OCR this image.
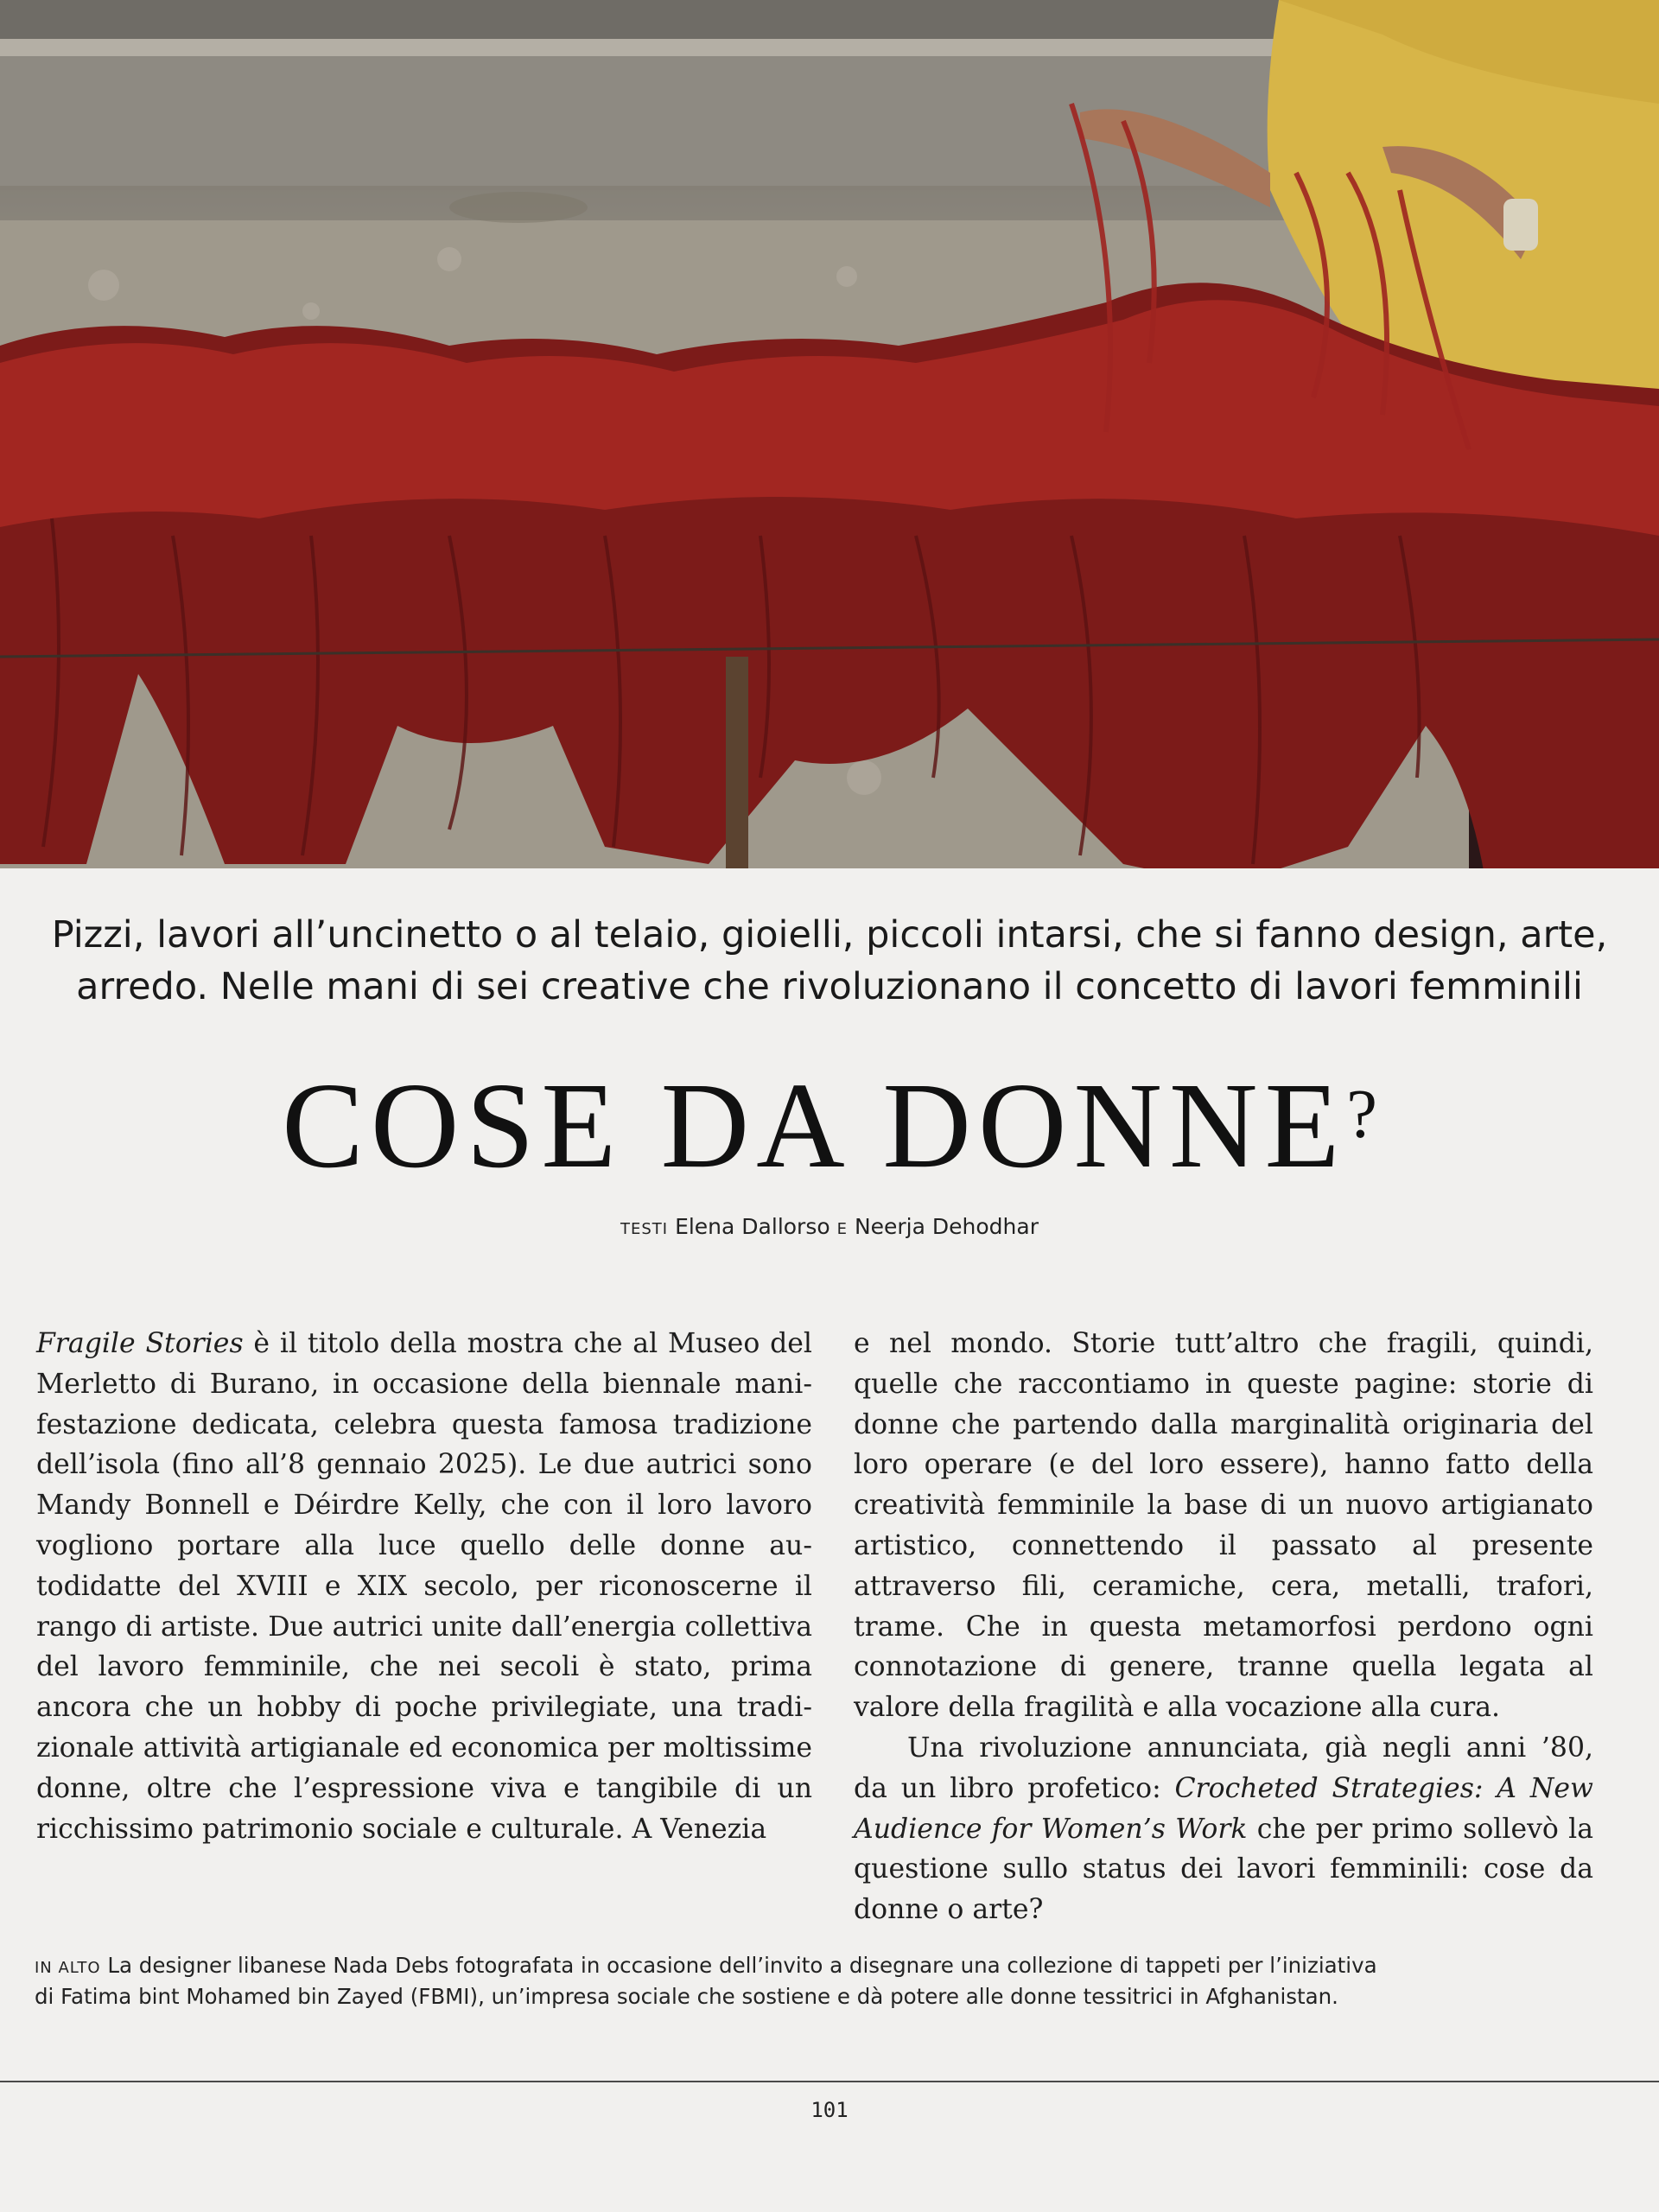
Pizzi, lavori all’uncinetto o al telaio, gioielli, piccoli intarsi, che si fanno design, arte,
arredo. Nelle mani di sei creative che rivoluzionano il concetto di lavori femminili
COSE DA DONNE?
TESTI Elena Dallorso E Neerja Dehodhar

Fragile Stories è il titolo della mostra che al Museo del Merletto di Burano, in occasione della biennale manifestazione dedicata, celebra questa famosa tradizione dell’isola (fino all’8 gennaio 2025). Le due autrici sono Mandy Bonnell e Déirdre Kelly, che con il loro lavoro vogliono portare alla luce quello delle donne autodidatte del XVIII e XIX secolo, per riconoscerne il rango di artiste. Due autrici unite dall’energia collettiva del lavoro femminile, che nei secoli è stato, prima ancora che un hobby di poche privilegiate, una tradizionale attività artigianale ed economica per moltissime donne, oltre che l’espressione viva e tangibile di un ricchissimo patrimonio sociale e culturale. A Venezia

e nel mondo. Storie tutt’altro che fragili, quindi, quelle che raccontiamo in queste pagine: storie di donne che partendo dalla marginalità originaria del loro operare (e del loro essere), hanno fatto della creatività femminile la base di un nuovo artigianato artistico, connettendo il passato al presente attraverso fili, ceramiche, cera, metalli, trafori, trame. Che in questa metamorfosi perdono ogni connotazione di genere, tranne quella legata al valore della fragilità e alla vocazione alla cura.

Una rivoluzione annunciata, già negli anni ’80, da un libro profetico: Crocheted Strategies: A New Audience for Women’s Work che per primo sollevò la questione sullo status dei lavori femminili: cose da donne o arte?

IN ALTO La designer libanese Nada Debs fotografata in occasione dell’invito a disegnare una collezione di tappeti per l’iniziativa
di Fatima bint Mohamed bin Zayed (FBMI), un’impresa sociale che sostiene e dà potere alle donne tessitrici in Afghanistan.
101
